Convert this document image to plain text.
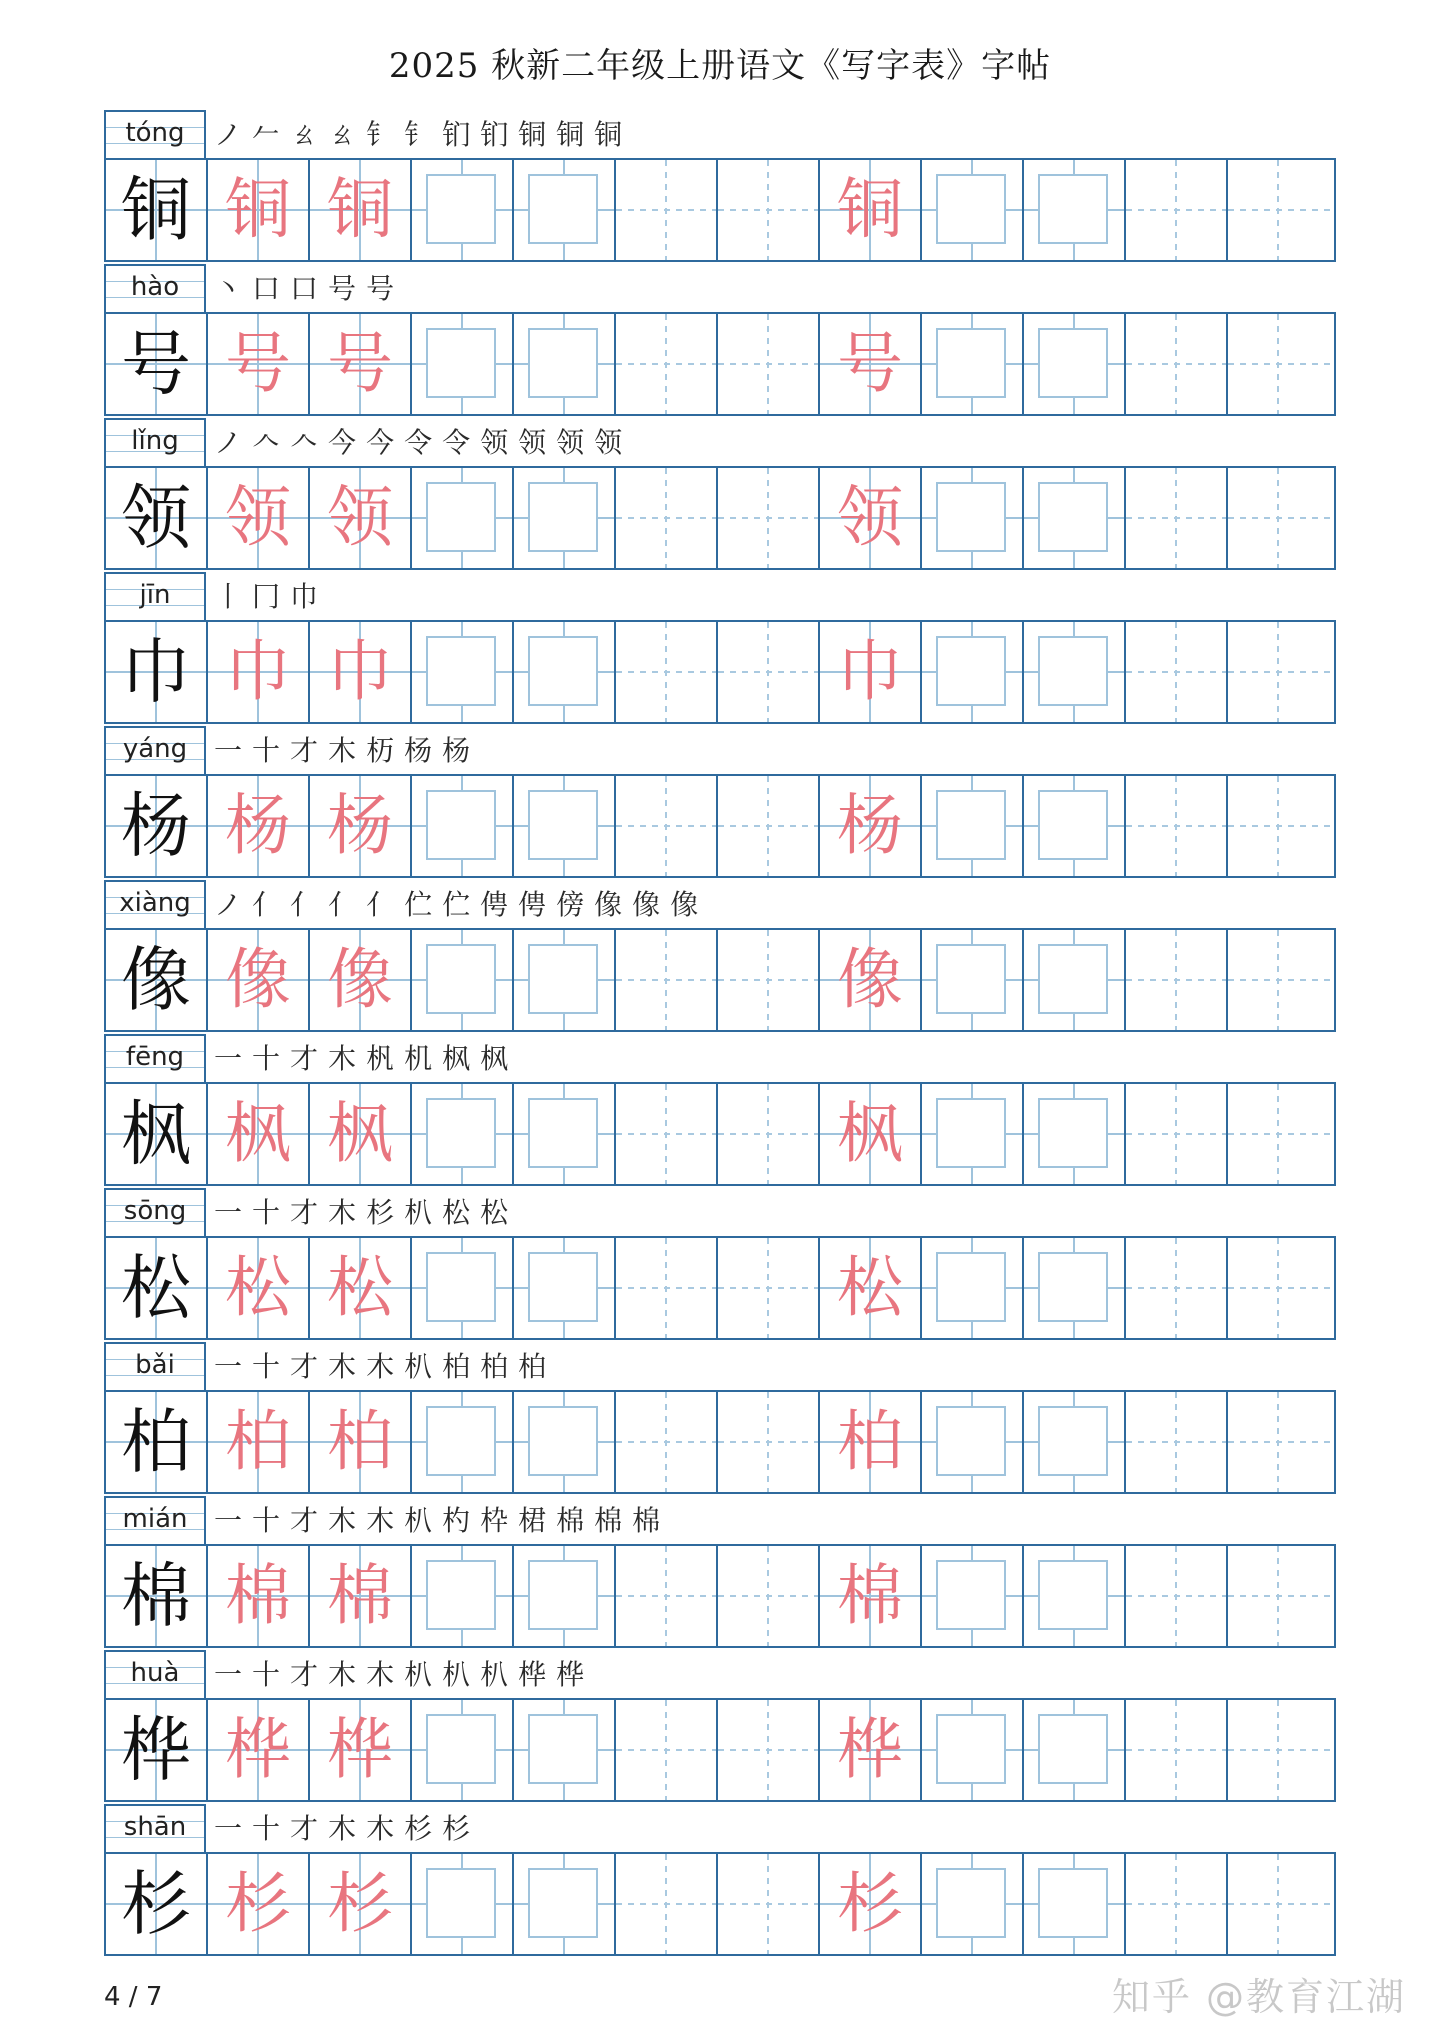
2025 秋新二年级上册语文《写字表》字帖
tóng	ノ𠂉ㄠㄠ钅钅钔钔铜铜铜
铜 铜 铜	铜
hào	丶口口号号
号 号 号	号
lǐng	ノ𠆢𠆢今今令令领领领领
领 领 领	领
jīn	丨冂巾
巾 巾 巾	巾
yáng 一十才木杤杨杨
杨 杨 杨	杨
xiàng ノ亻亻亻亻伫伫俜俜傍像像像
像 像 像	像
fēng	一十才木杋机枫枫
枫 枫 枫	枫
sōng 一十才木杉朳松松
松 松 松	松
bǎi	一十才木木朳柏柏柏
柏 柏 柏	柏
mián 一十才木木朳杓枠桾棉棉棉
棉 棉 棉	棉
huà	一十才木木朳朳朳桦桦
桦 桦 桦	桦
shān 一十才木木杉杉
杉 杉 杉	杉
4 / 7	知乎 @教育江湖
